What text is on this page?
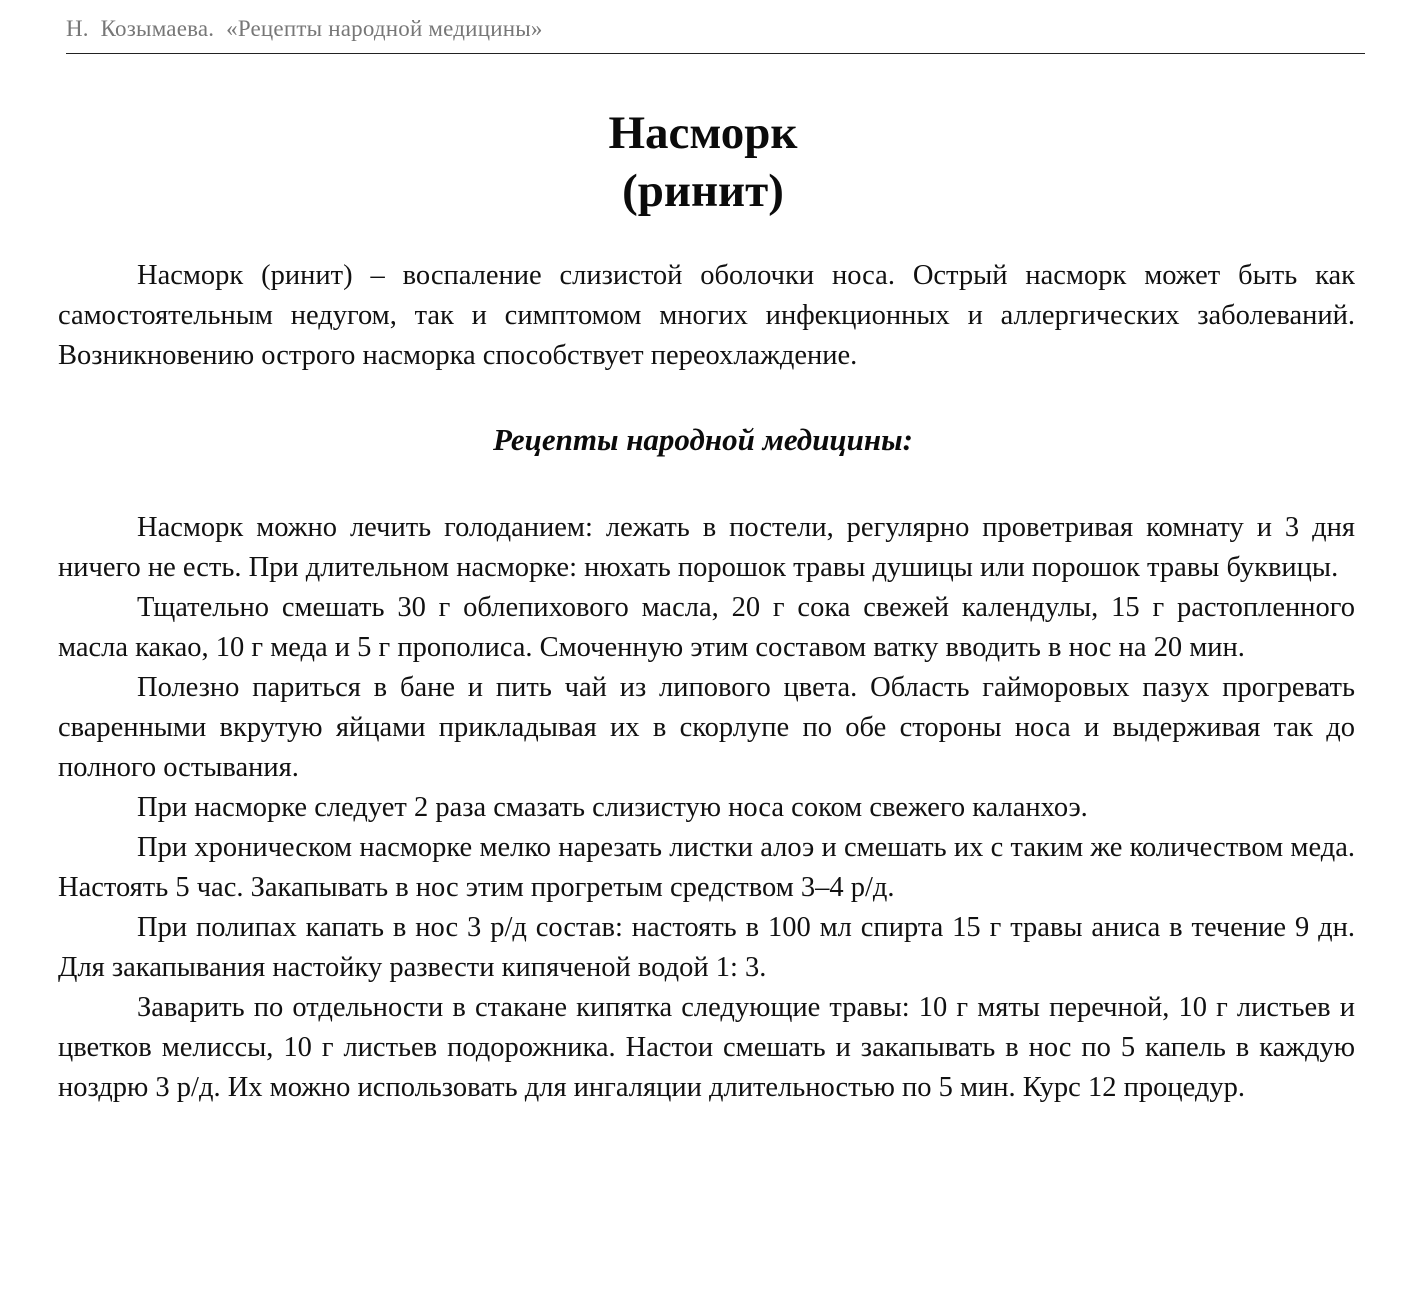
Н.  Козымаева.  «Рецепты народной медицины»
Насморк
(ринит)

Насморк (ринит) – воспаление слизистой оболочки носа. Острый насморк может быть как самостоятельным недугом, так и симптомом многих инфекционных и аллергических заболеваний. Возникновению острого насморка способствует переохлаждение.

Рецепты народной медицины:

Насморк можно лечить голоданием: лежать в постели, регулярно проветривая комнату и 3 дня ничего не есть. При длительном насморке: нюхать порошок травы душицы или порошок травы буквицы.

Тщательно смешать 30 г облепихового масла, 20 г сока свежей календулы, 15 г растопленного масла какао, 10 г меда и 5 г прополиса. Смоченную этим составом ватку вводить в нос на 20 мин.

Полезно париться в бане и пить чай из липового цвета. Область гайморовых пазух прогревать сваренными вкрутую яйцами прикладывая их в скорлупе по обе стороны носа и выдерживая так до полного остывания.

При насморке следует 2 раза смазать слизистую носа соком свежего каланхоэ.

При хроническом насморке мелко нарезать листки алоэ и смешать их с таким же количеством меда. Настоять 5 час. Закапывать в нос этим прогретым средством 3–4 р/д.

При полипах капать в нос 3 р/д состав: настоять в 100 мл спирта 15 г травы аниса в течение 9 дн. Для закапывания настойку развести кипяченой водой 1: 3.

Заварить по отдельности в стакане кипятка следующие травы: 10 г мяты перечной, 10 г листьев и цветков мелиссы, 10 г листьев подорожника. Настои смешать и закапывать в нос по 5 капель в каждую ноздрю 3 р/д. Их можно использовать для ингаляции длительностью по 5 мин. Курс 12 процедур.
